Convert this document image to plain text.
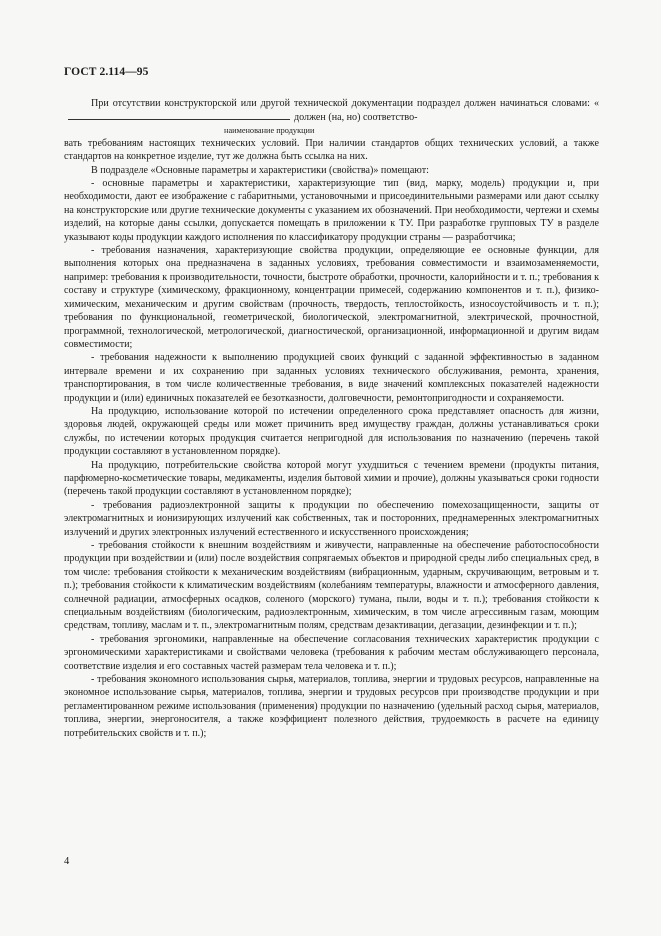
ГОСТ 2.114—95

При отсутствии конструкторской или другой технической документации подраздел должен начинаться словами: «должен (на, но) соответство-

наименование продукции

вать требованиям настоящих технических условий. При наличии стандартов общих технических условий, а также стандартов на конкретное изделие, тут же должна быть ссылка на них.

В подразделе «Основные параметры и характеристики (свойства)» помещают:

- основные параметры и характеристики, характеризующие тип (вид, марку, модель) продукции и, при необходимости, дают ее изображение с габаритными, установочными и присоединительными размерами или дают ссылку на конструкторские или другие технические документы с указанием их обозначений. При необходимости, чертежи и схемы изделий, на которые даны ссылки, допускается помещать в приложении к ТУ. При разработке групповых ТУ в разделе указывают коды продукции каждого исполнения по классификатору продукции страны — разработчика;

- требования назначения, характеризующие свойства продукции, определяющие ее основные функции, для выполнения которых она предназначена в заданных условиях, требования совместимости и взаимозаменяемости, например: требования к производительности, точности, быстроте обработки, прочности, калорийности и т. п.; требования к составу и структуре (химическому, фракционному, концентрации примесей, содержанию компонентов и т. п.), физико-химическим, механическим и другим свойствам (прочность, твердость, теплостойкость, износоустойчивость и т. п.); требования по функциональной, геометрической, биологической, электромагнитной, электрической, прочностной, программной, технологической, метрологической, диагностической, организационной, информационной и другим видам совместимости;

- требования надежности к выполнению продукцией своих функций с заданной эффективностью в заданном интервале времени и их сохранению при заданных условиях технического обслуживания, ремонта, хранения, транспортирования, в том числе количественные требования, в виде значений комплексных показателей надежности продукции и (или) единичных показателей ее безотказности, долговечности, ремонтопригодности и сохраняемости.

На продукцию, использование которой по истечении определенного срока представляет опасность для жизни, здоровья людей, окружающей среды или может причинить вред имуществу граждан, должны устанавливаться сроки службы, по истечении которых продукция считается непригодной для использования по назначению (перечень такой продукции составляют в установленном порядке).

На продукцию, потребительские свойства которой могут ухудшиться с течением времени (продукты питания, парфюмерно-косметические товары, медикаменты, изделия бытовой химии и прочие), должны указываться сроки годности (перечень такой продукции составляют в установленном порядке);

- требования радиоэлектронной защиты к продукции по обеспечению помехозащищенности, защиты от электромагнитных и ионизирующих излучений как собственных, так и посторонних, преднамеренных электромагнитных излучений и других электронных излучений естественного и искусственного происхождения;

- требования стойкости к внешним воздействиям и живучести, направленные на обеспечение работоспособности продукции при воздействии и (или) после воздействия сопрягаемых объектов и природной среды либо специальных сред, в том числе: требования стойкости к механическим воздействиям (вибрационным, ударным, скручивающим, ветровым и т. п.); требования стойкости к климатическим воздействиям (колебаниям температуры, влажности и атмосферного давления, солнечной радиации, атмосферных осадков, соленого (морского) тумана, пыли, воды и т. п.); требования стойкости к специальным воздействиям (биологическим, радиоэлектронным, химическим, в том числе агрессивным газам, моющим средствам, топливу, маслам и т. п., электромагнитным полям, средствам дезактивации, дегазации, дезинфекции и т. п.);

- требования эргономики, направленные на обеспечение согласования технических характеристик продукции с эргономическими характеристиками и свойствами человека (требования к рабочим местам обслуживающего персонала, соответствие изделия и его составных частей размерам тела человека и т. п.);

- требования экономного использования сырья, материалов, топлива, энергии и трудовых ресурсов, направленные на экономное использование сырья, материалов, топлива, энергии и трудовых ресурсов при производстве продукции и при регламентированном режиме использования (применения) продукции по назначению (удельный расход сырья, материалов, топлива, энергии, энергоносителя, а также коэффициент полезного действия, трудоемкость в расчете на единицу потребительских свойств и т. п.);

4
